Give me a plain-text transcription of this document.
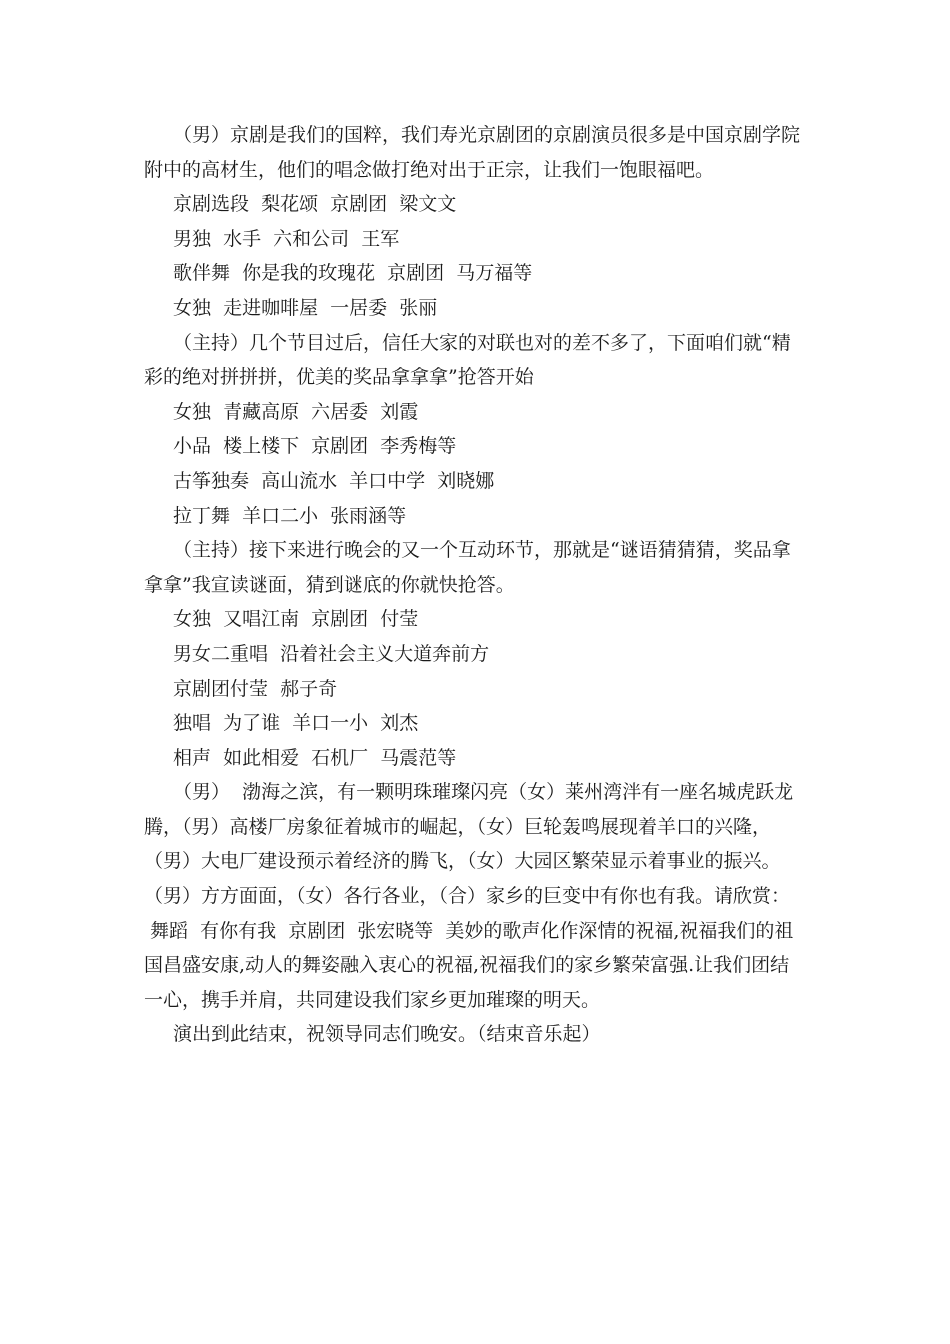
（男）京剧是我们的国粹，我们寿光京剧团的京剧演员很多是中国京剧学院
附中的高材生，他们的唱念做打绝对出于正宗，让我们一饱眼福吧。
京剧选段  梨花颂  京剧团  梁文文
男独  水手  六和公司  王军
歌伴舞  你是我的玫瑰花  京剧团  马万福等
女独  走进咖啡屋  一居委  张丽
（主持）几个节目过后，信任大家的对联也对的差不多了，下面咱们就“精
彩的绝对拼拼拼，优美的奖品拿拿拿”抢答开始
女独  青藏高原  六居委  刘霞
小品  楼上楼下  京剧团  李秀梅等
古筝独奏  高山流水  羊口中学  刘晓娜
拉丁舞  羊口二小  张雨涵等
（主持）接下来进行晚会的又一个互动环节，那就是“谜语猜猜猜，奖品拿
拿拿”我宣读谜面，猜到谜底的你就快抢答。
女独  又唱江南  京剧团  付莹
男女二重唱  沿着社会主义大道奔前方
京剧团付莹  郝子奇
独唱  为了谁  羊口一小  刘杰
相声  如此相爱  石机厂  马震范等
（男）  渤海之滨，有一颗明珠璀璨闪亮（女）莱州湾泮有一座名城虎跃龙
腾，（男）高楼厂房象征着城市的崛起，（女）巨轮轰鸣展现着羊口的兴隆，
（男）大电厂建设预示着经济的腾飞，（女）大园区繁荣显示着事业的振兴。
（男）方方面面，（女）各行各业，（合）家乡的巨变中有你也有我。请欣赏：
舞蹈  有你有我  京剧团  张宏晓等  美妙的歌声化作深情的祝福,祝福我们的祖
国昌盛安康,动人的舞姿融入衷心的祝福,祝福我们的家乡繁荣富强.让我们团结
一心，携手并肩，共同建设我们家乡更加璀璨的明天。
演出到此结束，祝领导同志们晚安。（结束音乐起）
